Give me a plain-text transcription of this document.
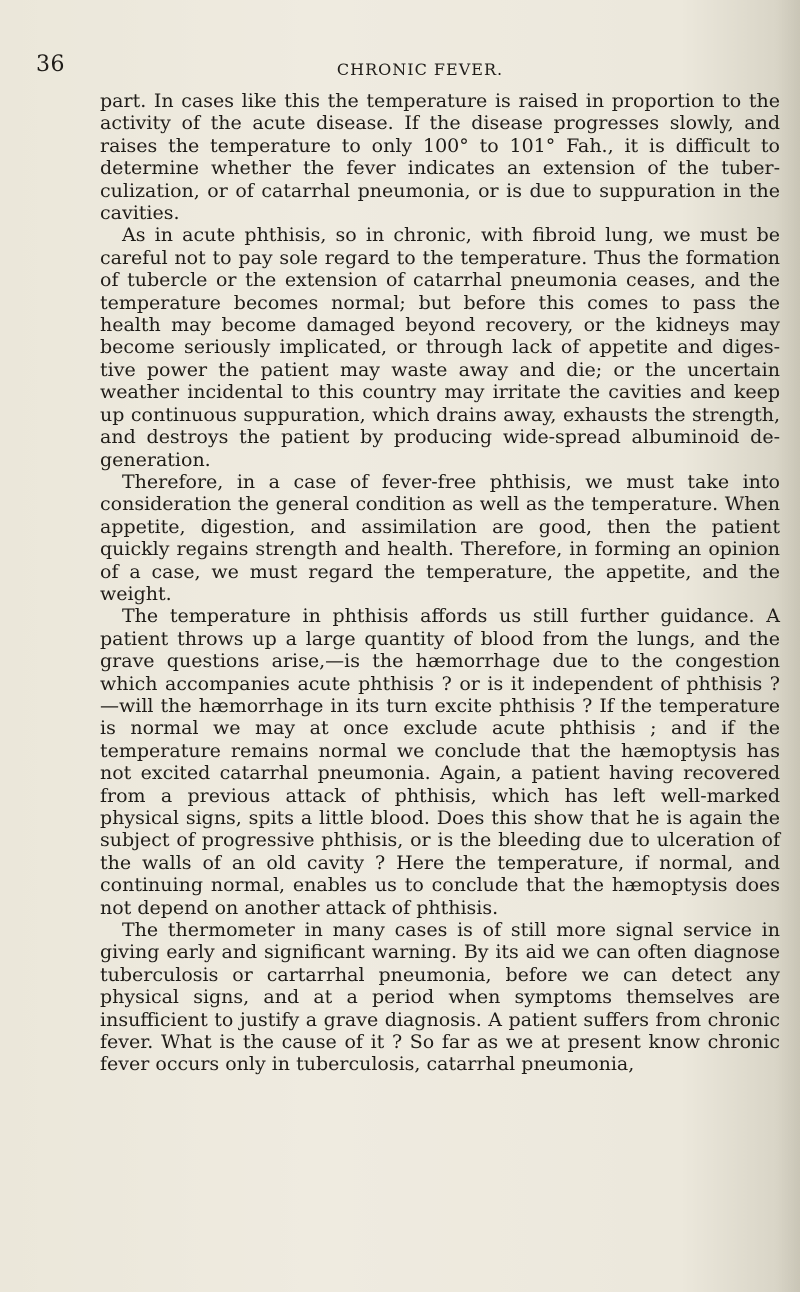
36	CHRONIC FEVER.

part. In cases like this the temperature is raised in proportion to the activity of the acute disease. If the disease progresses slowly, and raises the temperature to only 100° to 101° Fah., it is difficult to determine whether the fever indicates an extension of the tuberculization, or of catarrhal pneumonia, or is due to suppuration in the cavities.

As in acute phthisis, so in chronic, with fibroid lung, we must be careful not to pay sole regard to the temperature. Thus the formation of tubercle or the extension of catarrhal pneumonia ceases, and the temperature becomes normal; but before this comes to pass the health may become damaged beyond recovery, or the kidneys may become seriously implicated, or through lack of appetite and digestive power the patient may waste away and die; or the uncertain weather incidental to this country may irritate the cavities and keep up continuous suppuration, which drains away, exhausts the strength, and destroys the patient by producing wide-spread albuminoid degeneration.

Therefore, in a case of fever-free phthisis, we must take into consideration the general condition as well as the temperature. When appetite, digestion, and assimilation are good, then the patient quickly regains strength and health. Therefore, in forming an opinion of a case, we must regard the temperature, the appetite, and the weight.

The temperature in phthisis affords us still further guidance. A patient throws up a large quantity of blood from the lungs, and the grave questions arise,—is the hæmorrhage due to the congestion which accompanies acute phthisis ? or is it independent of phthisis ? —will the hæmorrhage in its turn excite phthisis ? If the temperature is normal we may at once exclude acute phthisis ; and if the temperature remains normal we conclude that the hæmoptysis has not excited catarrhal pneumonia. Again, a patient having recovered from a previous attack of phthisis, which has left well-marked physical signs, spits a little blood. Does this show that he is again the subject of progressive phthisis, or is the bleeding due to ulceration of the walls of an old cavity ? Here the temperature, if normal, and continuing normal, enables us to conclude that the hæmoptysis does not depend on another attack of phthisis.

The thermometer in many cases is of still more signal service in giving early and significant warning. By its aid we can often diagnose tuberculosis or cartarrhal pneumonia, before we can detect any physical signs, and at a period when symptoms themselves are insufficient to justify a grave diagnosis. A patient suffers from chronic fever. What is the cause of it ? So far as we at present know chronic fever occurs only in tuberculosis, catarrhal pneumonia,
